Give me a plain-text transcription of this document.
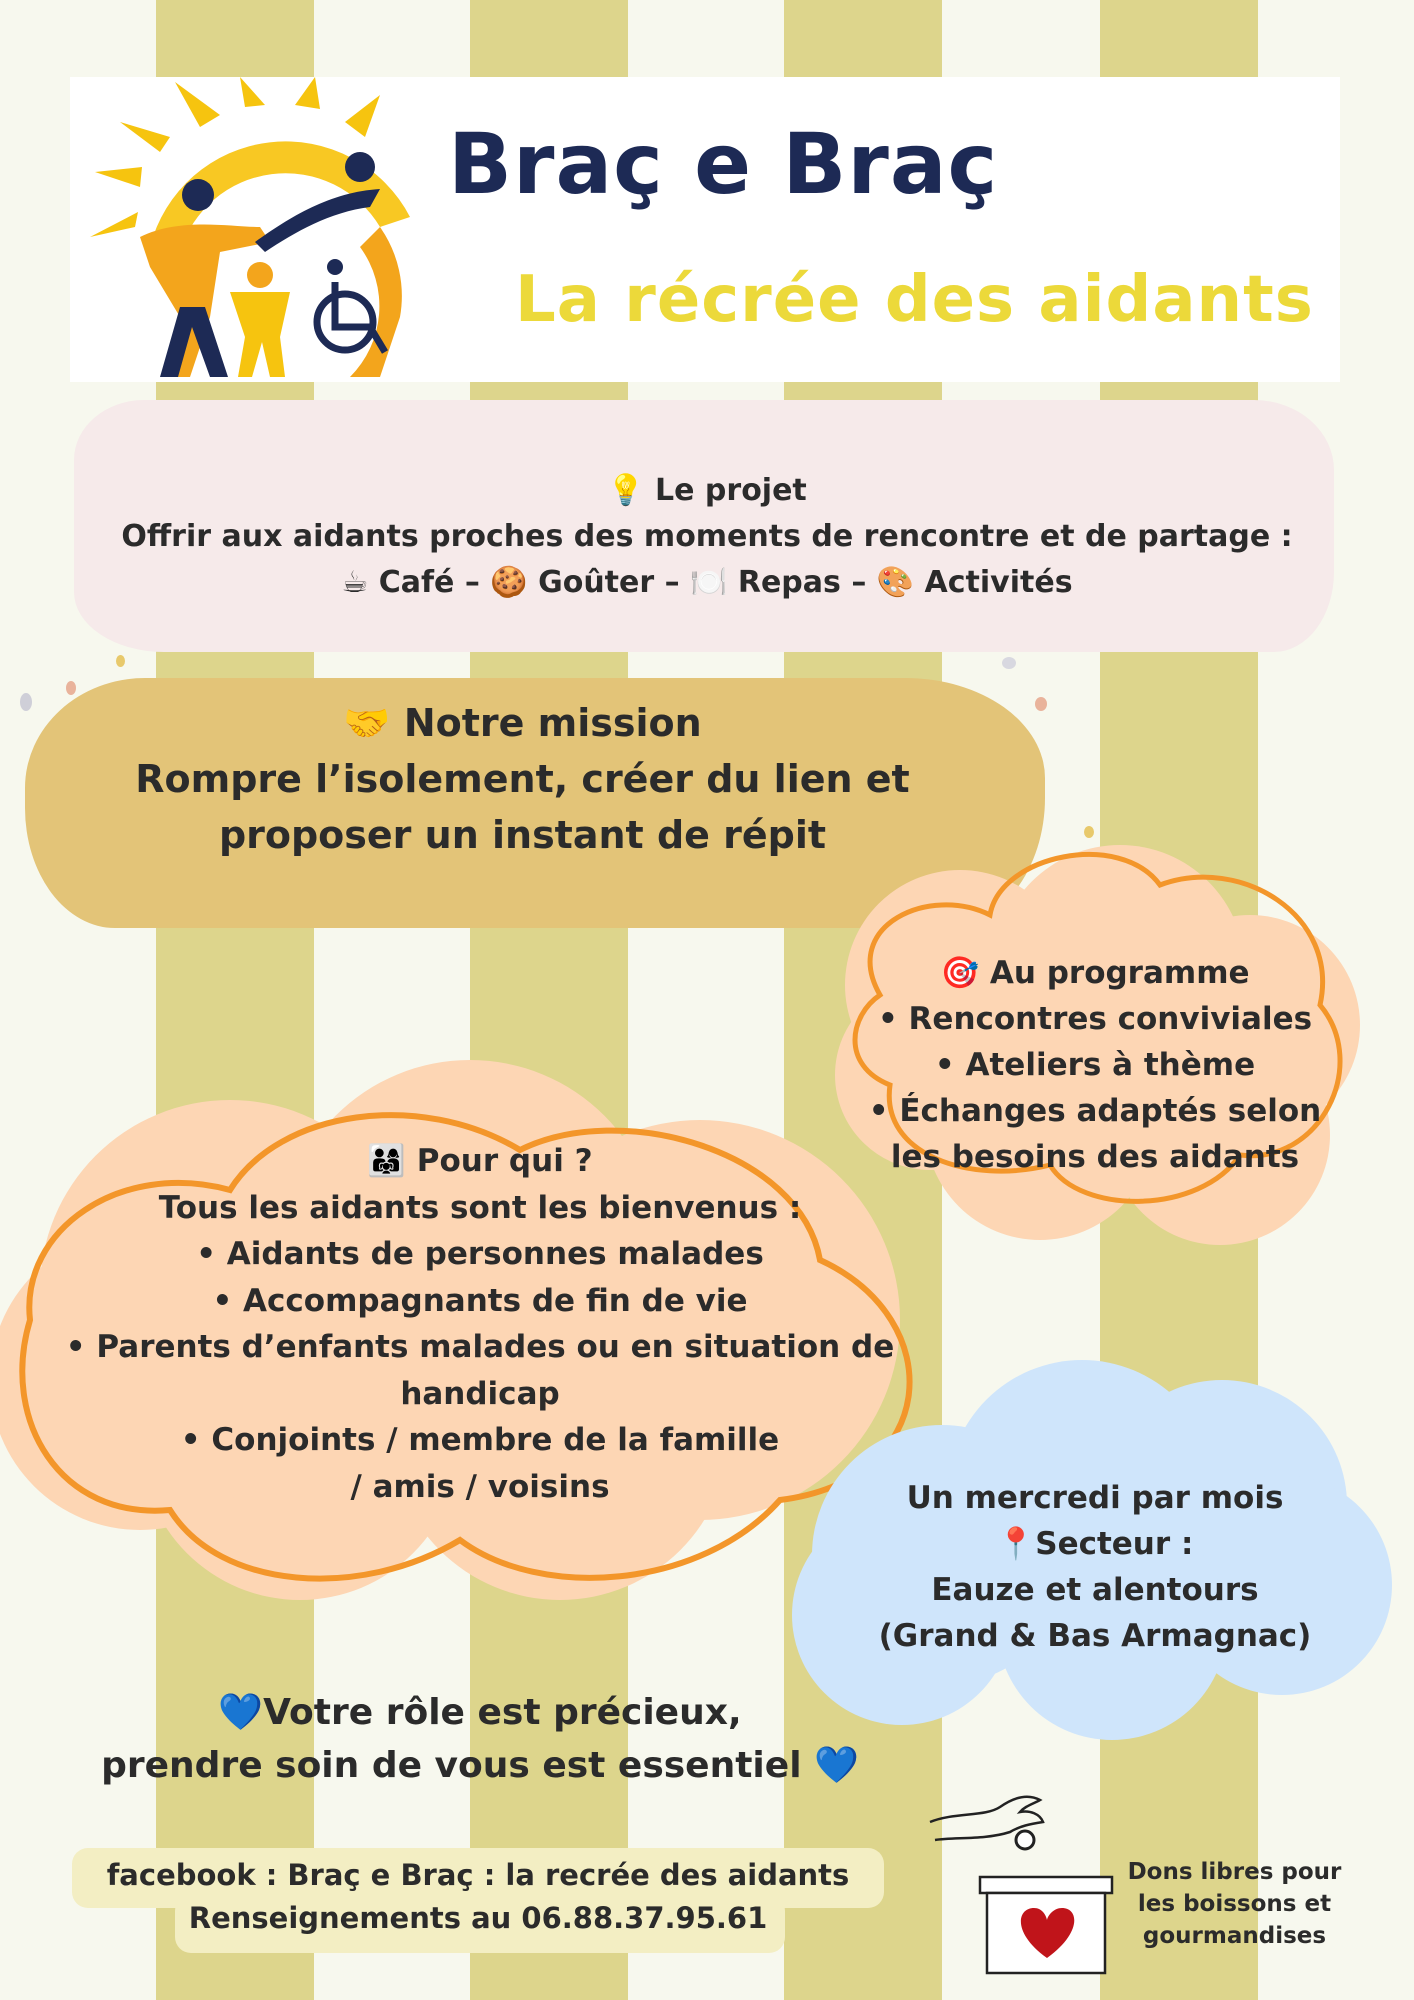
Braç e Braç
La récrée des aidants
💡 Le projet
Offrir aux aidants proches des moments de rencontre et de partage :
☕ Café – 🍪 Goûter – 🍽️ Repas – 🎨 Activités
🤝 Notre mission
Rompre l’isolement, créer du lien et
proposer un instant de répit
🎯 Au programme
• Rencontres conviviales
• Ateliers à thème
• Échanges adaptés selon
les besoins des aidants
👨‍👩‍👧 Pour qui ?
Tous les aidants sont les bienvenus :
• Aidants de personnes malades
• Accompagnants de fin de vie
• Parents d’enfants malades ou en situation de
handicap
• Conjoints / membre de la famille
/ amis / voisins	Un mercredi par mois
📍Secteur :
Eauze et alentours
(Grand & Bas Armagnac)
💙Votre rôle est précieux,
prendre soin de vous est essentiel 💙
facebook : Braç e Braç : la recrée des aidants
Renseignements au 06.88.37.95.61
Dons libres pour
les boissons et
gourmandises
